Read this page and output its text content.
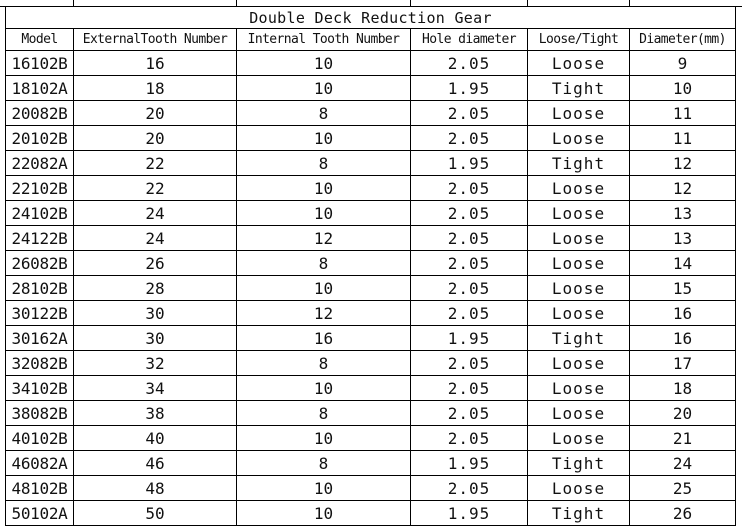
Double Deck Reduction Gear					
Model	ExternalTooth Number	Internal Tooth Number	Hole diameter	Loose/Tight	Diameter(mm)
16102B	16	10	2.05	Loose	9
18102A	18	10	1.95	Tight	10
20082B	20	8	2.05	Loose	11
20102B	20	10	2.05	Loose	11
22082A	22	8	1.95	Tight	12
22102B	22	10	2.05	Loose	12
24102B	24	10	2.05	Loose	13
24122B	24	12	2.05	Loose	13
26082B	26	8	2.05	Loose	14
28102B	28	10	2.05	Loose	15
30122B	30	12	2.05	Loose	16
30162A	30	16	1.95	Tight	16
32082B	32	8	2.05	Loose	17
34102B	34	10	2.05	Loose	18
38082B	38	8	2.05	Loose	20
40102B	40	10	2.05	Loose	21
46082A	46	8	1.95	Tight	24
48102B	48	10	2.05	Loose	25
50102A	50	10	1.95	Tight	26
